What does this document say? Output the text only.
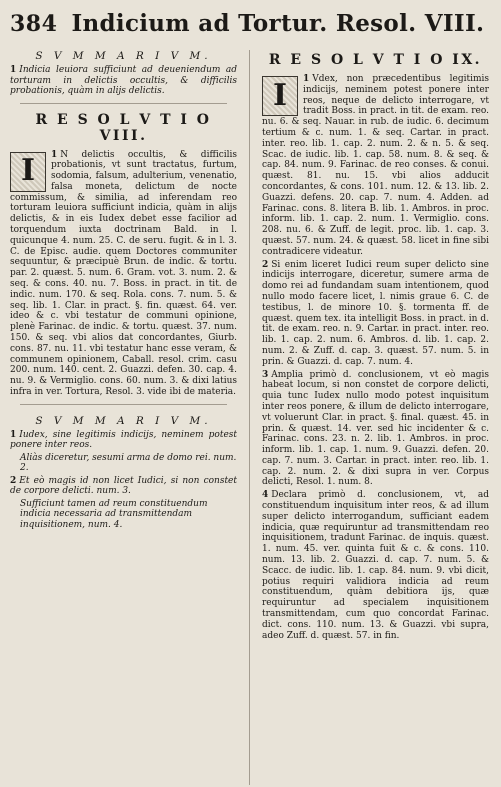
384 Indicium ad Tortur. Resol. VIII.
S V M M A R I V M.
1 Indicia leuiora sufficiunt ad deueniendum ad torturam in delictis occultis, & difficilis probationis, quàm in alijs delictis.
R E S O L V T I O VIII.

I	1 N delictis occultis, & difficilis probationis, vt sunt tractatus, furtum, sodomia, falsum, adulterium, venenatio, falsa moneta, delictum de nocte commissum, & similia, ad inferendam reo torturam leuiora sufficiunt indicia, quàm in alijs delictis, & in eis Iudex debet esse facilior ad torquendum iuxta doctrinam Bald. in l. quicunque 4. num. 25. C. de seru. fugit. & in l. 3. C. de Episc. audie. quem Doctores communiter sequuntur, & præcipuè Brun. de indic. & tortu. par. 2. quæst. 5. num. 6. Gram. vot. 3. num. 2. & seq. & cons. 40. nu. 7. Boss. in pract. in tit. de indic. num. 170. & seq. Rola. cons. 7. num. 5. & seq. lib. 1. Clar. in pract. §. fin. quæst. 64. ver. ideo & c. vbi testatur de communi opinione, plenè Farinac. de indic. & tortu. quæst. 37. num. 150. & seq. vbi alios dat concordantes, Giurb. cons. 87. nu. 11. vbi testatur hanc esse veram, & communem opinionem, Caball. resol. crim. casu 200. num. 140. cent. 2. Guazzi. defen. 30. cap. 4. nu. 9. & Vermiglio. cons. 60. num. 3. & dixi latius infra in ver. Tortura, Resol. 3. vide ibi de materia.

S V M M A R I V M.
1 Iudex, sine legitimis indicijs, neminem potest ponere inter reos.
Aliàs diceretur, sesumi arma de domo rei. num. 2.
2 Et eò magis id non licet Iudici, si non constet de corpore delicti. num. 3.
Sufficiunt tamen ad reum constituendum indicia necessaria ad transmittendam inquisitionem, num. 4.
R E S O L V T I O IX.

I	1 Vdex, non præcedentibus legitimis indicijs, neminem potest ponere inter reos, neque de delicto interrogare, vt tradit Boss. in pract. in tit. de exam. reo. nu. 6. & seq. Nauar. in rub. de iudic. 6. decimum tertium & c. num. 1. & seq. Cartar. in pract. inter. reo. lib. 1. cap. 2. num. 2. & n. 5. & seq. Scac. de iudic. lib. 1. cap. 58. num. 8. & seq. & cap. 84. num. 9. Farinac. de reo conses. & conui. quæst. 81. nu. 15. vbi alios adducit concordantes, & cons. 101. num. 12. & 13. lib. 2. Guazzi. defens. 20. cap. 7. num. 4. Adden. ad Farinac. cons. 8. litera B. lib. 1. Ambros. in proc. inform. lib. 1. cap. 2. num. 1. Vermiglio. cons. 208. nu. 6. & Zuff. de legit. proc. lib. 1. cap. 3. quæst. 57. num. 24. & quæst. 58. licet in fine sibi contradicere videatur.

2 Si enim liceret Iudici reum super delicto sine indicijs interrogare, diceretur, sumere arma de domo rei ad fundandam suam intentionem, quod nullo modo facere licet, l. nimis graue 6. C. de testibus, l. de minore 10. §. tormenta ff. de quæst. quem tex. ita intelligit Boss. in pract. in d. tit. de exam. reo. n. 9. Cartar. in pract. inter. reo. lib. 1. cap. 2. num. 6. Ambros. d. lib. 1. cap. 2. num. 2. & Zuff. d. cap. 3. quæst. 57. num. 5. in prin. & Guazzi. d. cap. 7. num. 4.

3 Amplia primò d. conclusionem, vt eò magis habeat locum, si non constet de corpore delicti, quia tunc Iudex nullo modo potest inquisitum inter reos ponere, & illum de delicto interrogare, vt voluerunt Clar. in pract. §. final. quæst. 45. in prin. & quæst. 14. ver. sed hic incidenter & c. Farinac. cons. 23. n. 2. lib. 1. Ambros. in proc. inform. lib. 1. cap. 1. num. 9. Guazzi. defen. 20. cap. 7. num. 3. Cartar. in pract. inter. reo. lib. 1. cap. 2. num. 2. & dixi supra in ver. Corpus delicti, Resol. 1. num. 8.

4 Declara primò d. conclusionem, vt, ad constituendum inquisitum inter reos, & ad illum super delicto interrogandum, sufficiant eadem indicia, quæ requiruntur ad transmittendam reo inquisitionem, tradunt Farinac. de inquis. quæst. 1. num. 45. ver. quinta fuit & c. & cons. 110. num. 13. lib. 2. Guazzi. d. cap. 7. num. 5. & Scacc. de iudic. lib. 1. cap. 84. num. 9. vbi dicit, potius requiri validiora indicia ad reum constituendum, quàm debitiora ijs, quæ requiruntur ad specialem inquisitionem transmittendam, cum quo concordat Farinac. dict. cons. 110. num. 13. & Guazzi. vbi supra, adeo Zuff. d. quæst. 57. in fin.
